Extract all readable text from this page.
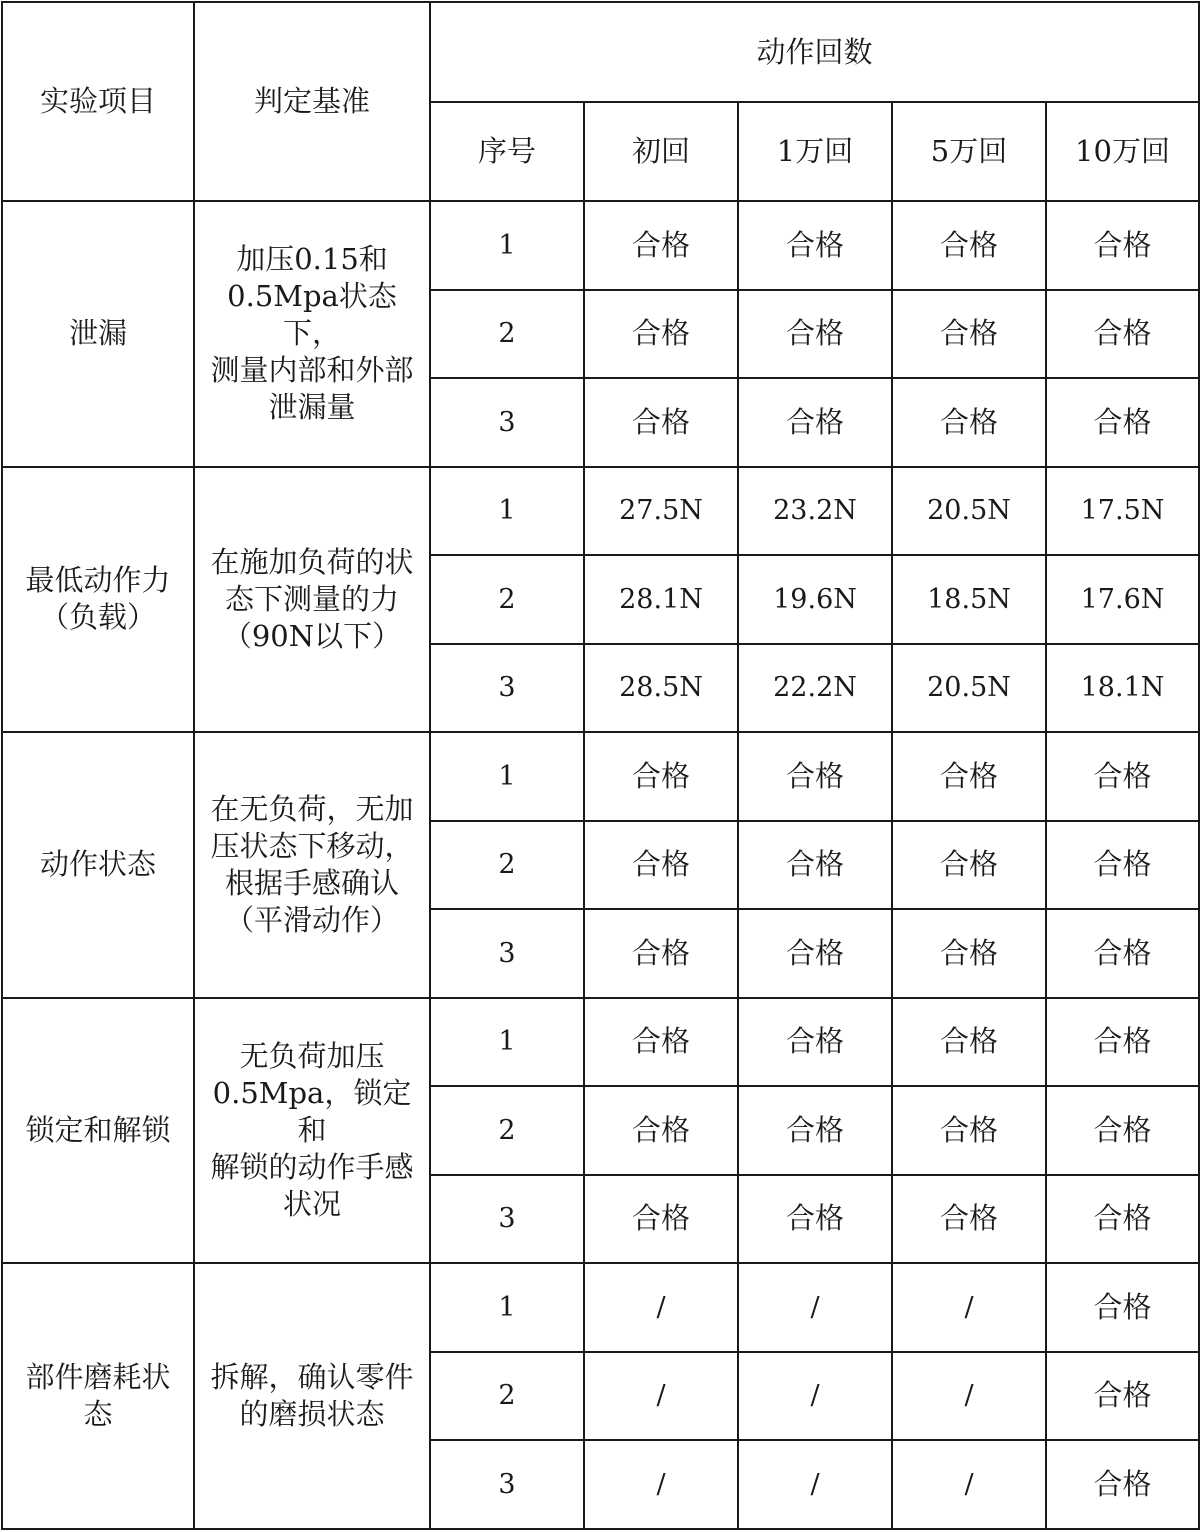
实验项目	判定基准	动作回数				
		序号	初回	1万回	5万回	10万回

泄漏	加压0.15和
0.5Mpa状态下，
测量内部和外部
泄漏量	1	合格	合格	合格	合格
		2	合格	合格	合格	合格
		3	合格	合格	合格	合格

最低动作力
（负载）	在施加负荷的状
态下测量的力
（90N以下）	1	27.5N	23.2N	20.5N	17.5N
		2	28.1N	19.6N	18.5N	17.6N
		3	28.5N	22.2N	20.5N	18.1N

动作状态	在无负荷，无加
压状态下移动，
根据手感确认
（平滑动作）	1	合格	合格	合格	合格
		2	合格	合格	合格	合格
		3	合格	合格	合格	合格

锁定和解锁	无负荷加压
0.5Mpa，锁定和
解锁的动作手感
状况	1	合格	合格	合格	合格
		2	合格	合格	合格	合格
		3	合格	合格	合格	合格

部件磨耗状
态	拆解，确认零件
的磨损状态	1	/	/	/	合格
		2	/	/	/	合格
		3	/	/	/	合格
